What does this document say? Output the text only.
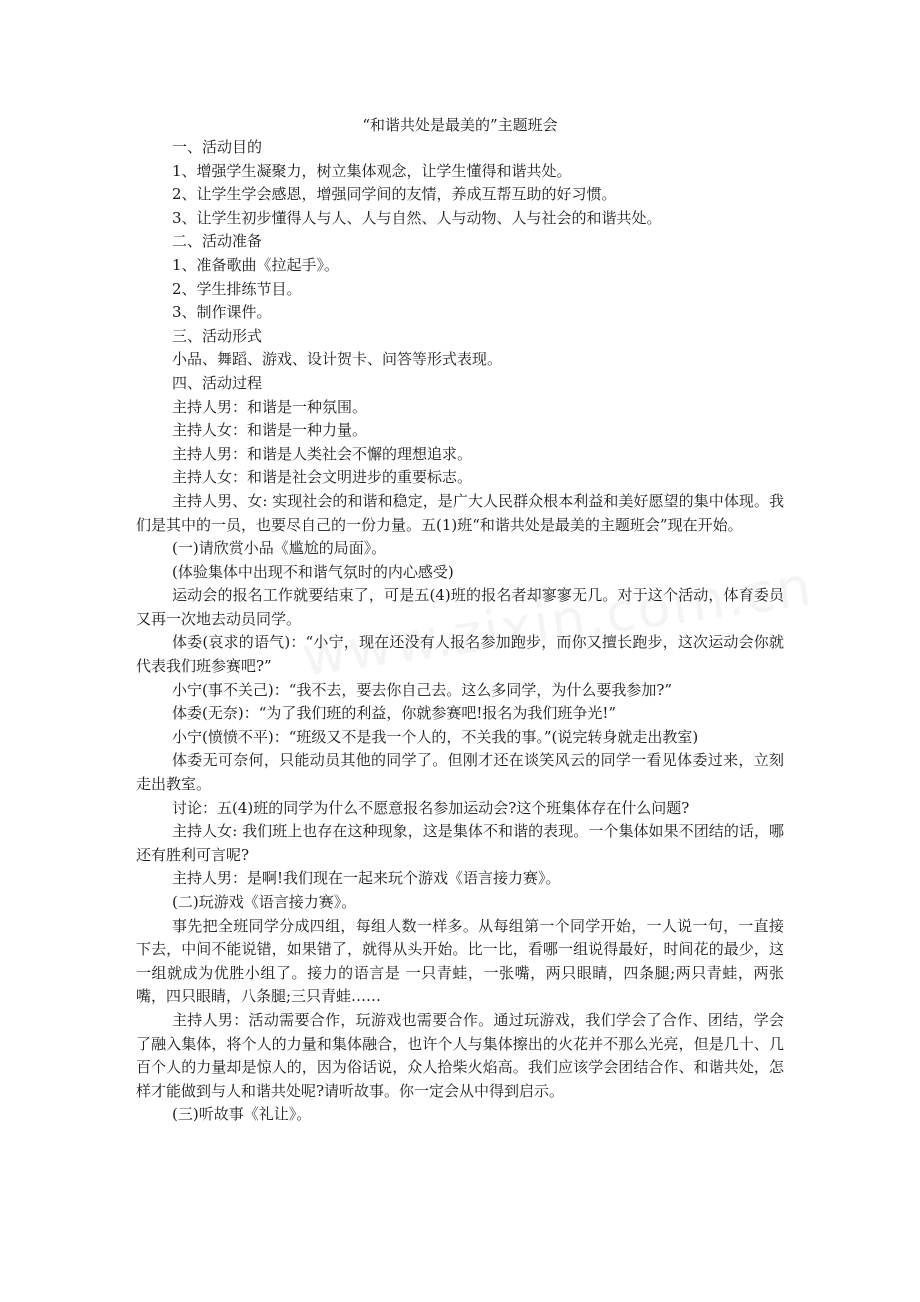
“和谐共处是最美的”主题班会

一、活动目的

1、增强学生凝聚力，树立集体观念，让学生懂得和谐共处。

2、让学生学会感恩，增强同学间的友情，养成互帮互助的好习惯。

3、让学生初步懂得人与人、人与自然、人与动物、人与社会的和谐共处。

二、活动准备

1、准备歌曲《拉起手》。

2、学生排练节目。

3、制作课件。

三、活动形式

小品、舞蹈、游戏、设计贺卡、问答等形式表现。

四、活动过程

主持人男：和谐是一种氛围。

主持人女：和谐是一种力量。

主持人男：和谐是人类社会不懈的理想追求。

主持人女：和谐是社会文明进步的重要标志。

主持人男、女: 实现社会的和谐和稳定，是广大人民群众根本利益和美好愿望的集中体现。我们是其中的一员，也要尽自己的一份力量。五(1)班“和谐共处是最美的主题班会”现在开始。

(一)请欣赏小品《尴尬的局面》。

(体验集体中出现不和谐气氛时的内心感受)

运动会的报名工作就要结束了，可是五(4)班的报名者却寥寥无几。对于这个活动，体育委员又再一次地去动员同学。

体委(哀求的语气)：“小宁，现在还没有人报名参加跑步，而你又擅长跑步，这次运动会你就代表我们班参赛吧?”

小宁(事不关己)：“我不去，要去你自己去。这么多同学，为什么要我参加?”

体委(无奈)：“为了我们班的利益，你就参赛吧!报名为我们班争光!”

小宁(愤愤不平)：“班级又不是我一个人的，不关我的事。”(说完转身就走出教室)

体委无可奈何，只能动员其他的同学了。但刚才还在谈笑风云的同学一看见体委过来，立刻走出教室。

讨论：五(4)班的同学为什么不愿意报名参加运动会?这个班集体存在什么问题?

主持人女: 我们班上也存在这种现象，这是集体不和谐的表现。一个集体如果不团结的话，哪还有胜利可言呢?

主持人男：是啊!我们现在一起来玩个游戏《语言接力赛》。

(二)玩游戏《语言接力赛》。

事先把全班同学分成四组，每组人数一样多。从每组第一个同学开始，一人说一句，一直接下去，中间不能说错，如果错了，就得从头开始。比一比，看哪一组说得最好，时间花的最少，这一组就成为优胜小组了。接力的语言是 一只青蛙，一张嘴，两只眼睛，四条腿;两只青蛙，两张嘴，四只眼睛，八条腿;三只青蛙……

主持人男：活动需要合作，玩游戏也需要合作。通过玩游戏，我们学会了合作、团结，学会了融入集体，将个人的力量和集体融合，也许个人与集体擦出的火花并不那么光亮，但是几十、几百个人的力量却是惊人的，因为俗话说，众人拾柴火焰高。我们应该学会团结合作、和谐共处，怎样才能做到与人和谐共处呢?请听故事。你一定会从中得到启示。

(三)听故事《礼让》。
